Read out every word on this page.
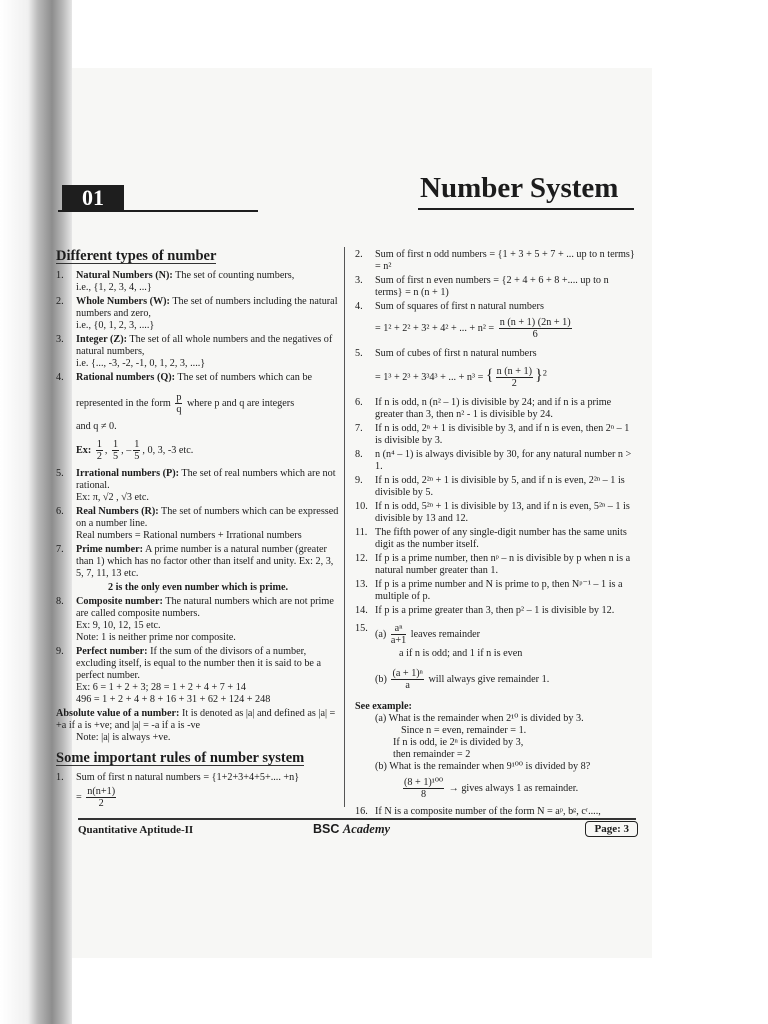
01	Number System
Different types of number
1.	Natural Numbers (N): The set of counting numbers,
i.e., {1, 2, 3, 4, ...}
2.	Whole Numbers (W): The set of numbers including the natural numbers and zero,
i.e., {0, 1, 2, 3, ....}
3.	Integer (Z): The set of all whole numbers and the negatives of natural numbers,
i.e. {..., -3, -2, -1, 0, 1, 2, 3, ....}
4.	Rational numbers (Q): The set of numbers which can be
represented in the form $\frac{p}{q}$ where p and q are integers
and q ≠ 0.
Ex: $\frac{1}{2}$ , $\frac{1}{5}$ , – $\frac{1}{5}$ , 0, 3, -3 etc.
5.	Irrational numbers (P): The set of real numbers which are not rational.
Ex: π, √2 , √3 etc.
6.	Real Numbers (R): The set of numbers which can be expressed on a number line.
Real numbers = Rational numbers + Irrational numbers
7.	Prime number: A prime number is a natural number (greater than 1) which has no factor other than itself and unity. Ex: 2, 3, 5, 7, 11, 13 etc.
2 is the only even number which is prime.
8.	Composite number: The natural numbers which are not prime are called composite numbers.
Ex: 9, 10, 12, 15 etc.
Note: 1 is neither prime nor composite.
9.	Perfect number: If the sum of the divisors of a number, excluding itself, is equal to the number then it is said to be a perfect number.
Ex: 6 = 1 + 2 + 3; 28 = 1 + 2 + 4 + 7 + 14
496 = 1 + 2 + 4 + 8 + 16 + 31 + 62 + 124 + 248
Absolute value of a number: It is denoted as |a| and defined as |a| = +a if a is +ve; and |a| = -a if a is -ve
Note: |a| is always +ve.
Some important rules of number system
1.	Sum of first n natural numbers = {1+2+3+4+5+.... +n}
= $\frac{n(n+1)}{2}$
2.	Sum of first n odd numbers = {1 + 3 + 5 + 7 + ... up to n terms} = n²
3.	Sum of first n even numbers = {2 + 4 + 6 + 8 +.... up to n terms} = n (n + 1)
4.	Sum of squares of first n natural numbers
= 1² + 2² + 3² + 4² + ... + $n^2 = \frac{n (n + 1) (2n + 1)}{6}$
5.	Sum of cubes of first n natural numbers
= 1³ + 2³ + 3³4³ + ... + n³ = { $\frac{n (n + 1)}{2} \}^2$
6.	If n is odd, n (n² – 1) is divisible by 24; and if n is a prime greater than 3, then n² - 1 is divisible by 24.
7.	If n is odd, 2ⁿ + 1 is divisible by 3, and if n is even, then 2ⁿ – 1 is divisible by 3.
8.	n (n⁴ – 1) is always divisible by 30, for any natural number n > 1.
9.	If n is odd, 2²ⁿ + 1 is divisible by 5, and if n is even, 2²ⁿ – 1 is divisible by 5.
10. If n is odd, 5²ⁿ + 1 is divisible by 13, and if n is even, 5²ⁿ – 1 is divisible by 13 and 12.
11. The fifth power of any single-digit number has the same units digit as the number itself.
12. If p is a prime number, then nᵖ – n is divisible by p when n is a natural number greater than 1.
13. If p is a prime number and N is prime to p, then Nᵖ⁻¹ – 1 is a multiple of p.
14. If p is a prime greater than 3, then p² – 1 is divisible by 12.
15.
$(a) \frac{\text{aⁿ}}{a+1}$ leaves remainder
a if n is odd; and 1 if n is even
$(b) \frac{\text{(a + 1)ⁿ}}{a}$ will always give remainder 1.
See example:
(a) What is the remainder when 2¹⁰ is divided by 3.
Since n = even, remainder = 1.
If n is odd, ie 2ⁿ is divided by 3,
then remainder = 2
(b) What is the remainder when 9¹⁰⁰ is divided by 8?
$\frac{\text{(8 + 1)¹⁰⁰}}{8}$ → gives always 1 as remainder.
16. If N is a composite number of the form N = aᵖ, bᵍ, cʳ....,
Quantitative Aptitude-II	BSC Academy	Page: 3
